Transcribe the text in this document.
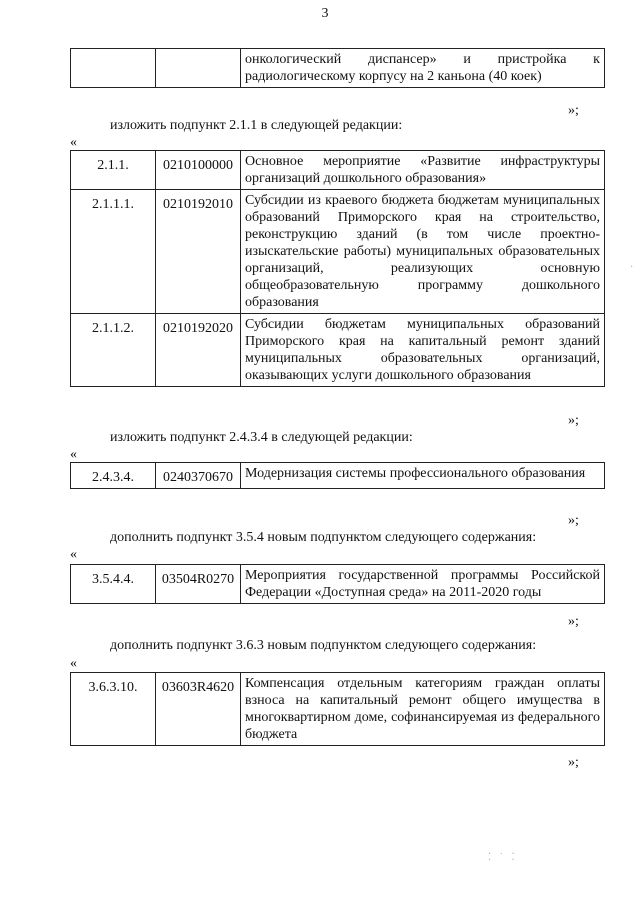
3
		онкологический диспансер» и пристройка к радиологическому корпусу на 2 каньона (40 коек)
»;
изложить подпункт 2.1.1 в следующей редакции:
«
2.1.1.	0210100000	Основное мероприятие «Развитие инфраструктуры организаций дошкольного образования»
2.1.1.1.	0210192010	Субсидии из краевого бюджета бюджетам муниципальных образований Приморского края на строительство, реконструкцию зданий (в том числе проектно-изыскательские работы) муниципальных образовательных организаций, реализующих основную общеобразовательную программу дошкольного образования
2.1.1.2.	0210192020	Субсидии бюджетам муниципальных образований Приморского края на капитальный ремонт зданий муниципальных образовательных организаций, оказывающих услуги дошкольного образования
»;
изложить подпункт 2.4.3.4 в следующей редакции:
«
2.4.3.4.	0240370670	Модернизация системы профессионального образования
»;
дополнить подпункт 3.5.4 новым подпунктом следующего содержания:
«
3.5.4.4.	03504R0270	Мероприятия государственной программы Российской Федерации «Доступная среда» на 2011-2020 годы
»;
дополнить подпункт 3.6.3 новым подпунктом следующего содержания:
«
3.6.3.10.	03603R4620	Компенсация отдельным категориям граждан оплаты взноса на капитальный ремонт общего имущества в многоквартирном доме, софинансируемая из федерального бюджета
»;
·
⁚ ˙ ⁚
